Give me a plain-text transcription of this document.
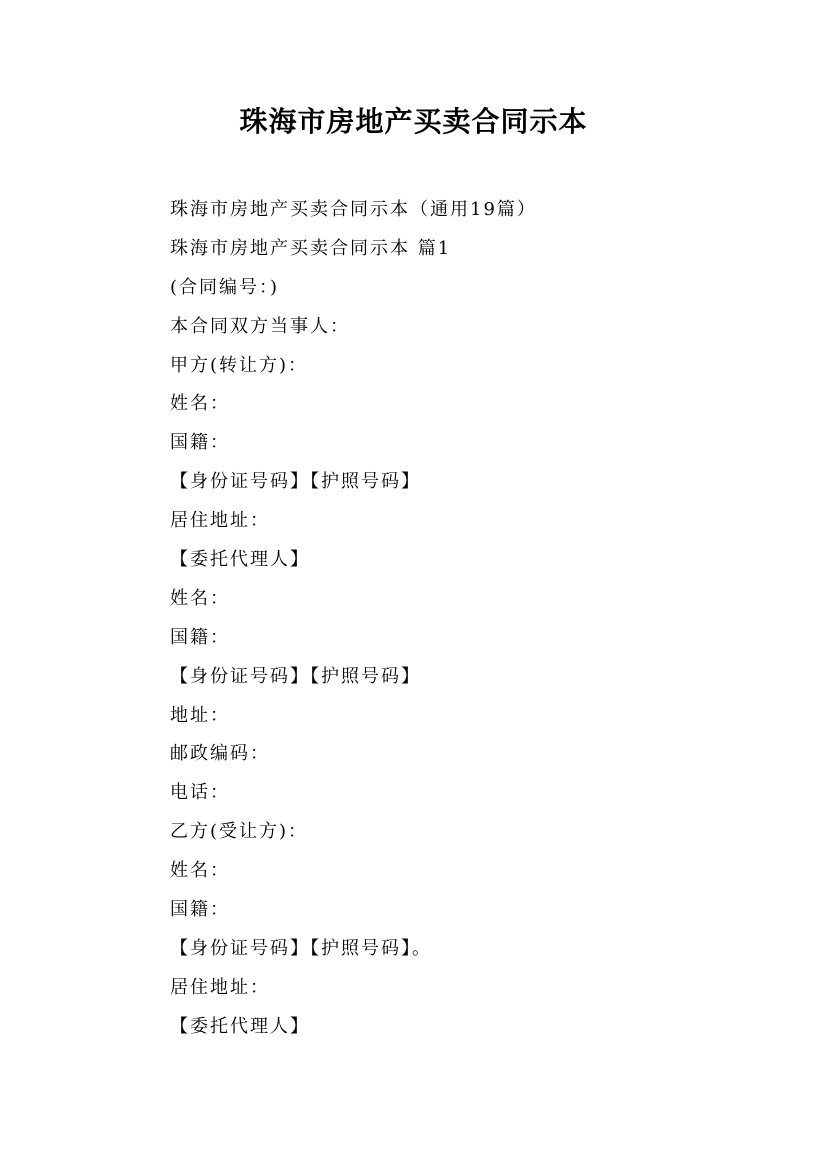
珠海市房地产买卖合同示本
珠海市房地产买卖合同示本（通用19篇）
珠海市房地产买卖合同示本 篇1
(合同编号：)
本合同双方当事人：
甲方(转让方)：
姓名：
国籍：
【身份证号码】【护照号码】
居住地址：
【委托代理人】
姓名：
国籍：
【身份证号码】【护照号码】
地址：
邮政编码：
电话：
乙方(受让方)：
姓名：
国籍：
【身份证号码】【护照号码】。
居住地址：
【委托代理人】
